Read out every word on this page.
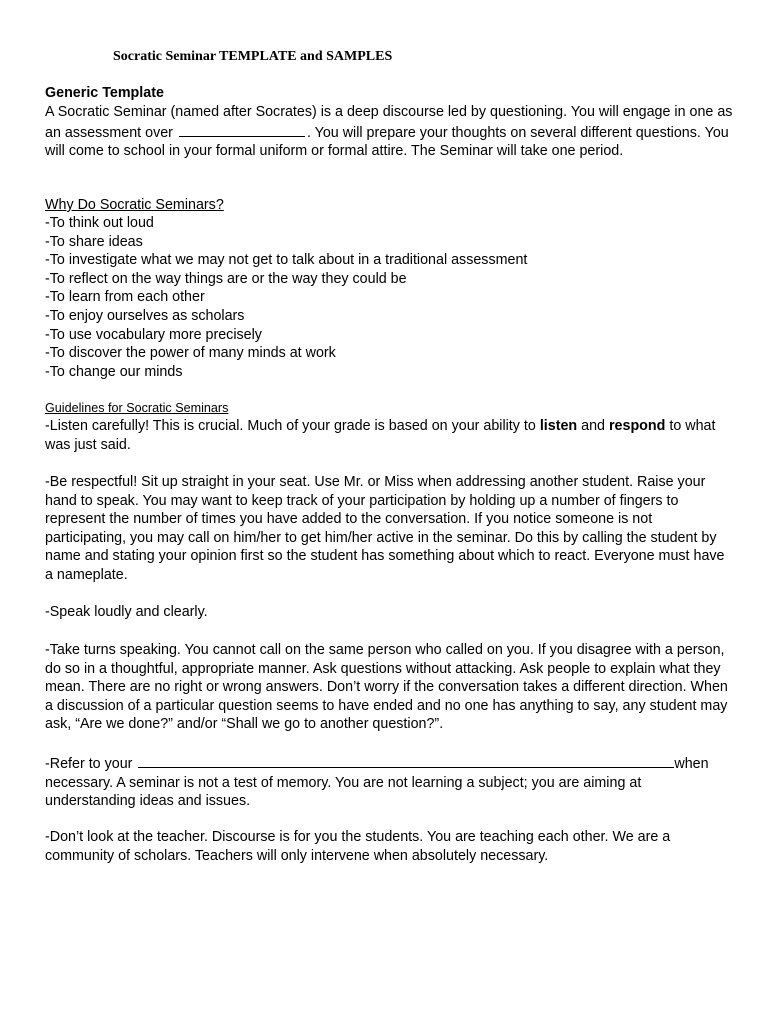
Socratic Seminar TEMPLATE and SAMPLES

Generic Template

A Socratic Seminar (named after Socrates) is a deep discourse led by questioning. You will engage in one as an assessment over	. You will prepare your thoughts on several different questions. You will come to school in your formal uniform or formal attire. The Seminar will take one period.

Why Do Socratic Seminars?

-To think out loud
-To share ideas
-To investigate what we may not get to talk about in a traditional assessment
-To reflect on the way things are or the way they could be
-To learn from each other
-To enjoy ourselves as scholars
-To use vocabulary more precisely
-To discover the power of many minds at work
-To change our minds

Guidelines for Socratic Seminars

-Listen carefully! This is crucial. Much of your grade is based on your ability to listen and respond to what was just said.

-Be respectful! Sit up straight in your seat. Use Mr. or Miss when addressing another student. Raise your hand to speak. You may want to keep track of your participation by holding up a number of fingers to represent the number of times you have added to the conversation. If you notice someone is not participating, you may call on him/her to get him/her active in the seminar. Do this by calling the student by name and stating your opinion first so the student has something about which to react. Everyone must have a nameplate.

-Speak loudly and clearly.

-Take turns speaking. You cannot call on the same person who called on you. If you disagree with a person, do so in a thoughtful, appropriate manner. Ask questions without attacking. Ask people to explain what they mean. There are no right or wrong answers. Don’t worry if the conversation takes a different direction. When a discussion of a particular question seems to have ended and no one has anything to say, any student may ask, “Are we done?” and/or “Shall we go to another question?”.

-Refer to your	when necessary. A seminar is not a test of memory. You are not learning a subject; you are aiming at understanding ideas and issues.

-Don’t look at the teacher. Discourse is for you the students. You are teaching each other. We are a community of scholars. Teachers will only intervene when absolutely necessary.
